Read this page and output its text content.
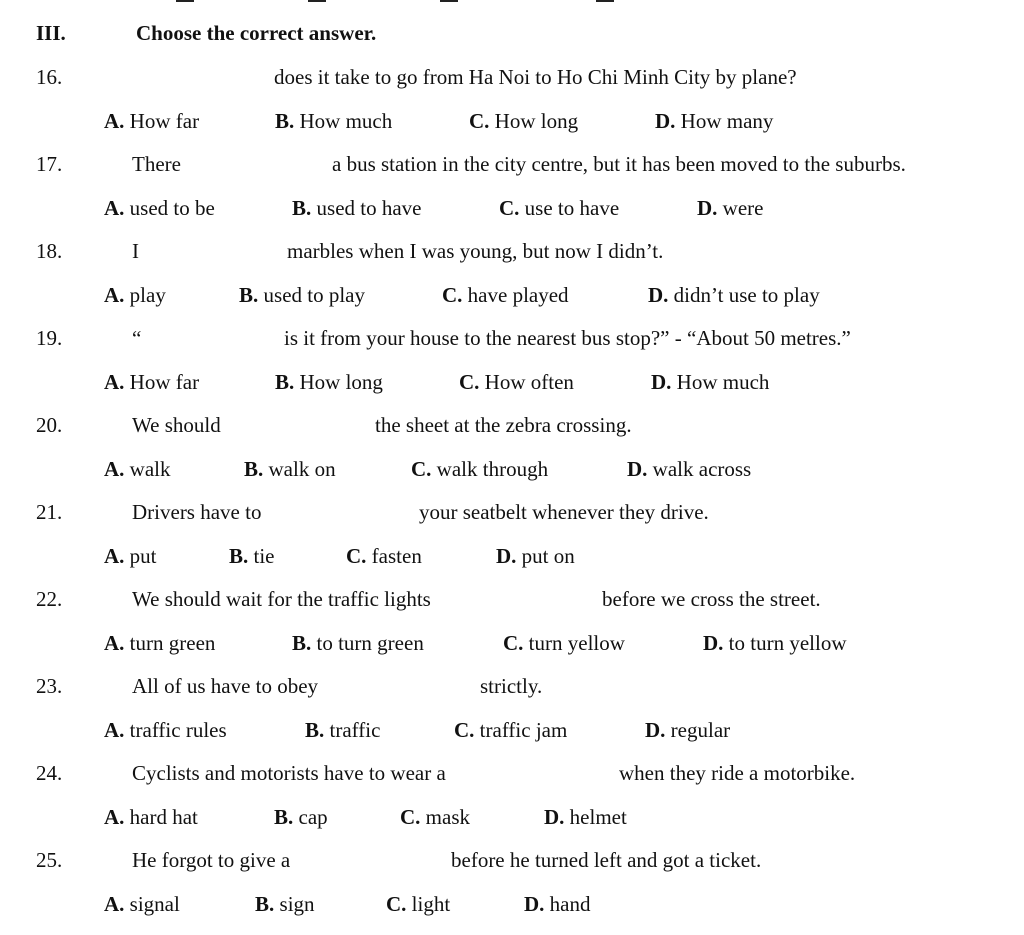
III.	Choose the correct answer.
16.	does it take to go from Ha Noi to Ho Chi Minh City by plane?
A. How far	B. How much	C. How long	D. How many
17.	There	a bus station in the city centre, but it has been moved to the suburbs.
A. used to be	B. used to have	C. use to have	D. were
18.	I	marbles when I was young, but now I didn’t.
A. play	B. used to play	C. have played	D. didn’t use to play
19.	“	is it from your house to the nearest bus stop?” - “About 50 metres.”
A. How far	B. How long	C. How often	D. How much
20.	We should	the sheet at the zebra crossing.
A. walk	B. walk on	C. walk through	D. walk across
21.	Drivers have to	your seatbelt whenever they drive.
A. put	B. tie	C. fasten	D. put on
22.	We should wait for the traffic lights	before we cross the street.
A. turn green	B. to turn green	C. turn yellow	D. to turn yellow
23.	All of us have to obey	strictly.
A. traffic rules	B. traffic	C. traffic jam	D. regular
24.	Cyclists and motorists have to wear a	when they ride a motorbike.
A. hard hat	B. cap	C. mask	D. helmet
25.	He forgot to give a	before he turned left and got a ticket.
A. signal	B. sign	C. light	D. hand
